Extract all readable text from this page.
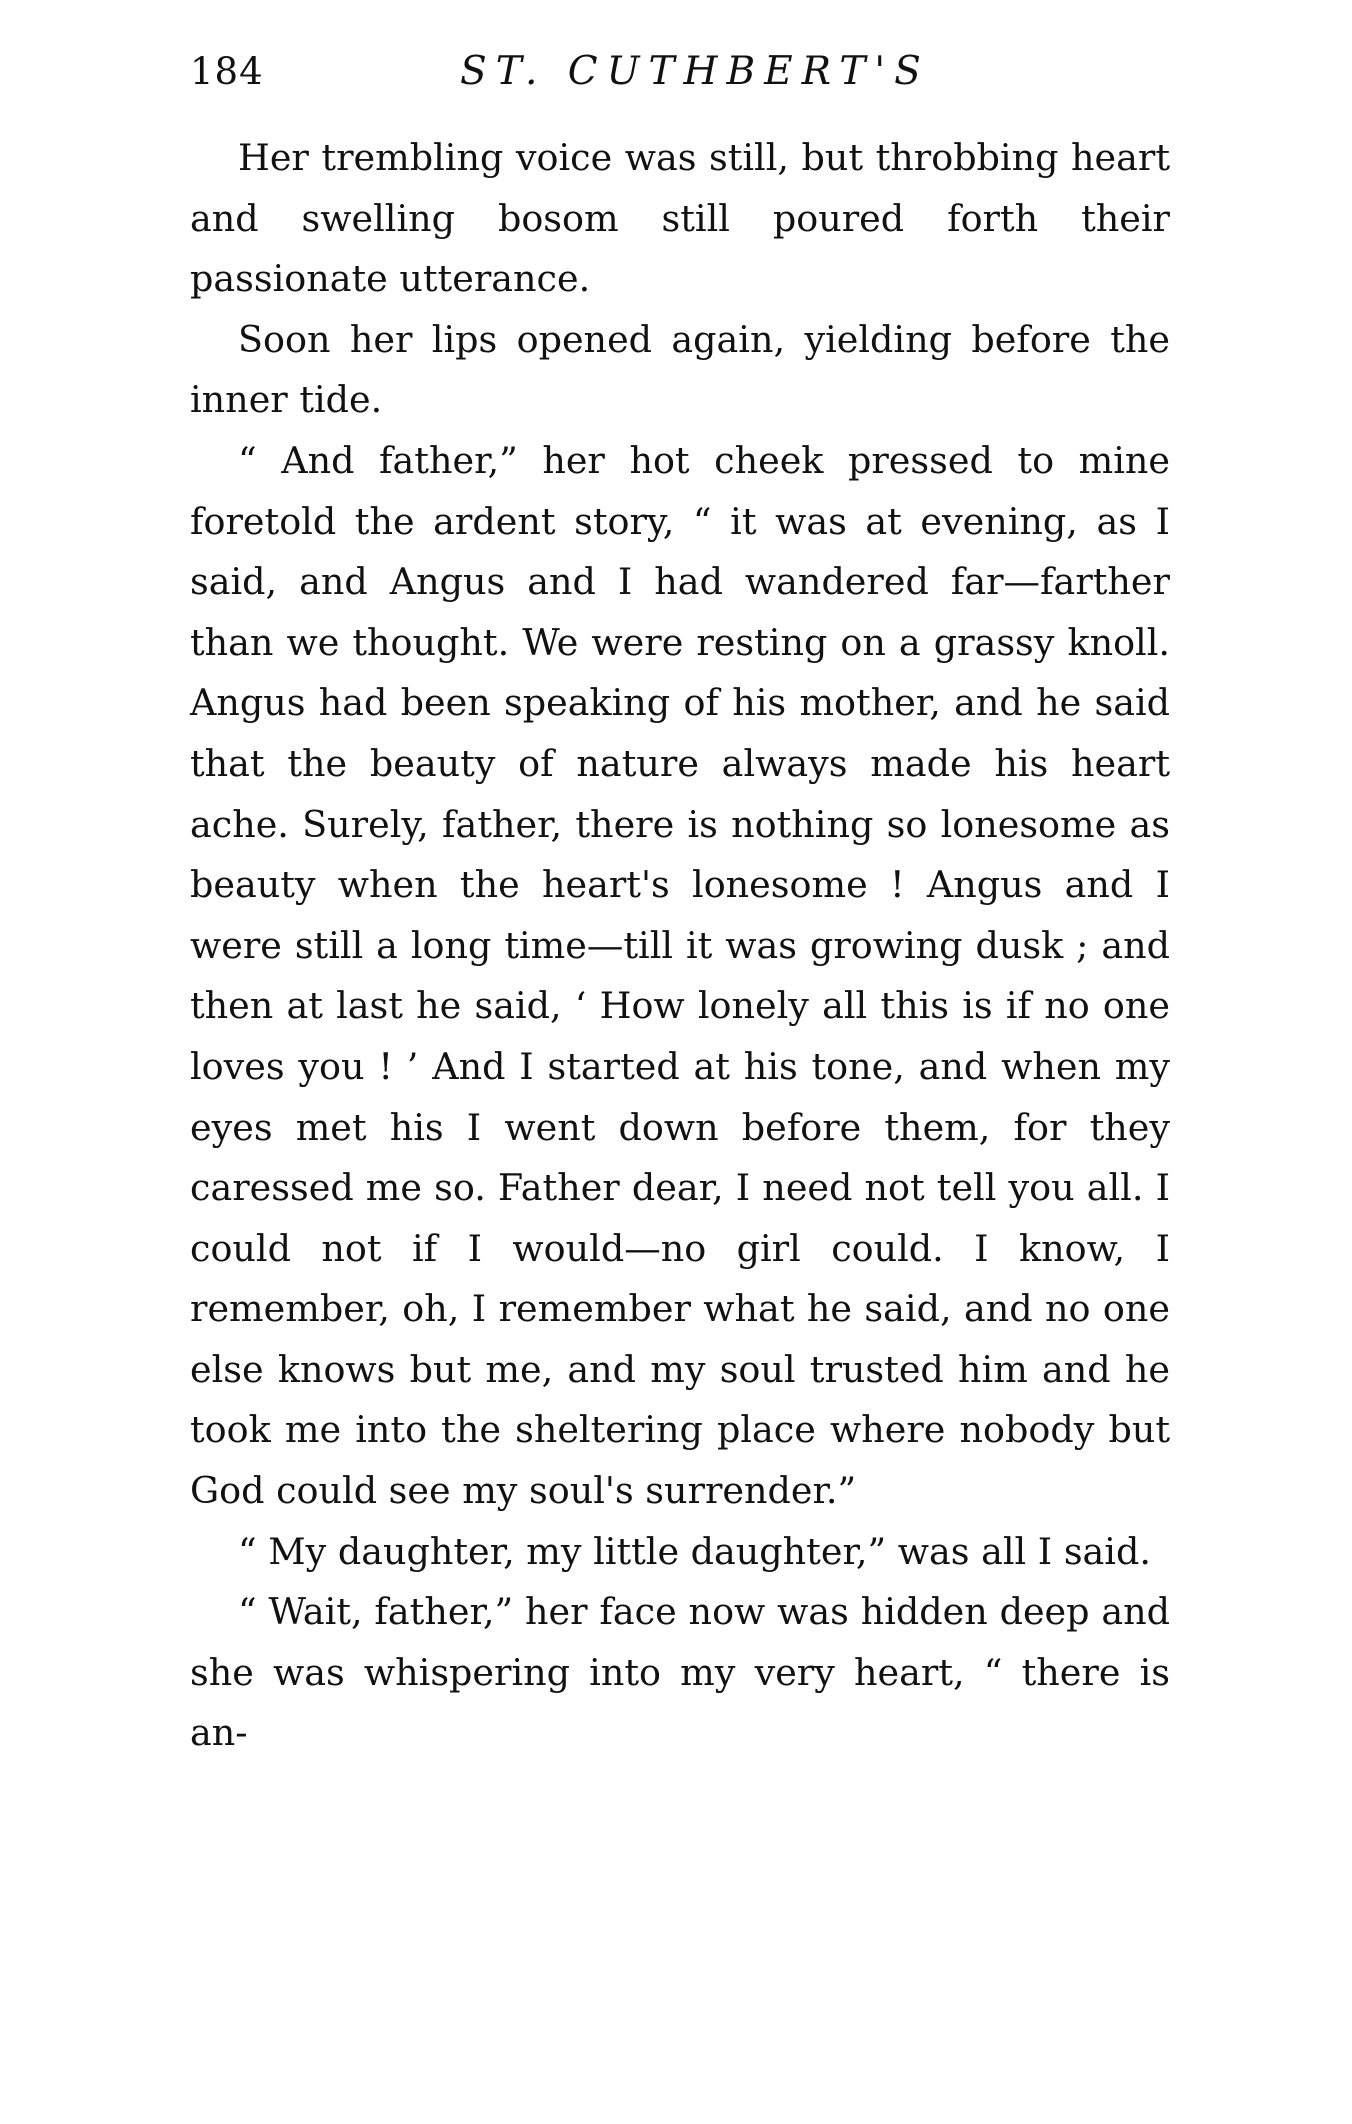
184	ST. CUTHBERT'S

Her trembling voice was still, but throbbing heart and swelling bosom still poured forth their passionate utterance.

Soon her lips opened again, yielding before the inner tide.

“ And father,” her hot cheek pressed to mine foretold the ardent story, “ it was at evening, as I said, and Angus and I had wandered far—farther than we thought. We were resting on a grassy knoll. Angus had been speaking of his mother, and he said that the beauty of nature always made his heart ache. Surely, father, there is nothing so lonesome as beauty when the heart's lonesome ! Angus and I were still a long time—till it was growing dusk ; and then at last he said, ‘ How lonely all this is if no one loves you ! ’ And I started at his tone, and when my eyes met his I went down before them, for they caressed me so. Father dear, I need not tell you all. I could not if I would—no girl could. I know, I remember, oh, I remember what he said, and no one else knows but me, and my soul trusted him and he took me into the sheltering place where nobody but God could see my soul's surrender.”

“ My daughter, my little daughter,” was all I said.

“ Wait, father,” her face now was hidden deep and she was whispering into my very heart, “ there is an-
